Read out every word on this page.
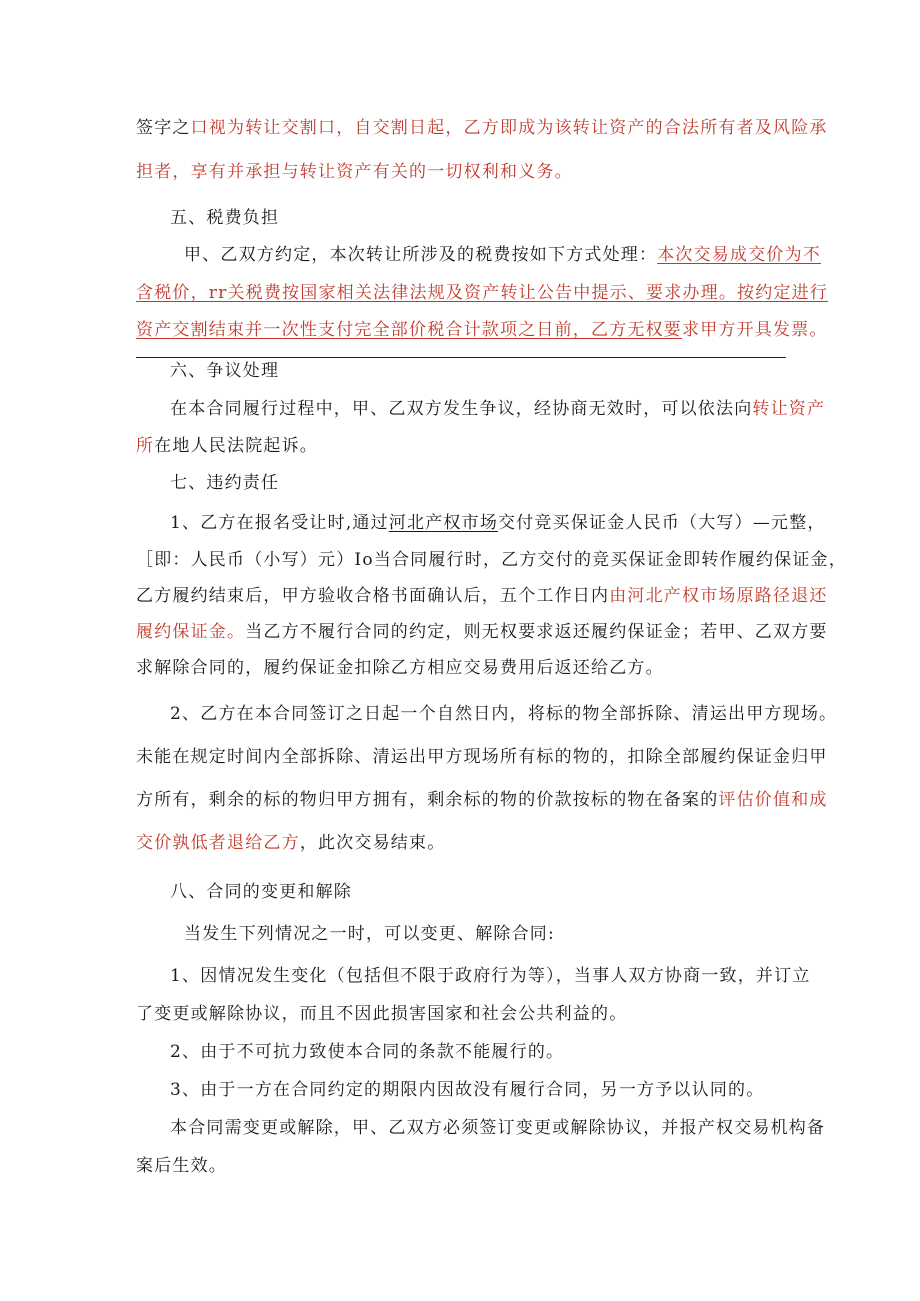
签字之口视为转让交割口，自交割日起，乙方即成为该转让资产的合法所有者及风险承
担者，享有并承担与转让资产有关的一切权利和义务。
五、税费负担
甲、乙双方约定，本次转让所涉及的税费按如下方式处理：本次交易成交价为不
含税价，rr关税费按国家相关法律法规及资产转让公告中提示、要求办理。按约定进行
资产交割结束并一次性支付完全部价税合计款项之日前，乙方无权要求甲方开具发票。
六、争议处理
在本合同履行过程中，甲、乙双方发生争议，经协商无效时，可以依法向转让资产
所在地人民法院起诉。
七、违约责任
1、乙方在报名受让时,通过河北产权市场交付竞买保证金人民币（大写）—元整，
［即：人民币（小写）元）Io当合同履行时，乙方交付的竞买保证金即转作履约保证金，
乙方履约结束后，甲方验收合格书面确认后，五个工作日内由河北产权市场原路径退还
履约保证金。当乙方不履行合同的约定，则无权要求返还履约保证金；若甲、乙双方要
求解除合同的，履约保证金扣除乙方相应交易费用后返还给乙方。
2、乙方在本合同签订之日起一个自然日内，将标的物全部拆除、清运出甲方现场。
未能在规定时间内全部拆除、清运出甲方现场所有标的物的，扣除全部履约保证金归甲
方所有，剩余的标的物归甲方拥有，剩余标的物的价款按标的物在备案的评估价值和成
交价孰低者退给乙方，此次交易结束。
八、合同的变更和解除
当发生下列情况之一时，可以变更、解除合同:
1、因情况发生变化（包括但不限于政府行为等），当事人双方协商一致，并订立
了变更或解除协议，而且不因此损害国家和社会公共利益的。
2、由于不可抗力致使本合同的条款不能履行的。
3、由于一方在合同约定的期限内因故没有履行合同，另一方予以认同的。
本合同需变更或解除，甲、乙双方必须签订变更或解除协议，并报产权交易机构备
案后生效。
